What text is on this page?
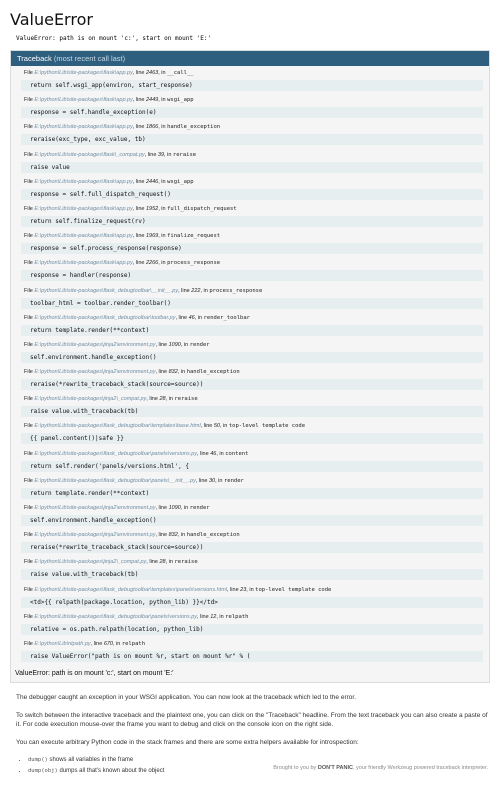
ValueError
ValueError: path is on mount 'c:', start on mount 'E:'
Traceback (most recent call last)
File E:\python\Lib\site-packages\flask\app.py, line 2463, in __call__
return self.wsgi_app(environ, start_response)
File E:\python\Lib\site-packages\flask\app.py, line 2449, in wsgi_app
response = self.handle_exception(e)
File E:\python\Lib\site-packages\flask\app.py, line 1866, in handle_exception
reraise(exc_type, exc_value, tb)
File E:\python\Lib\site-packages\flask\_compat.py, line 39, in reraise
raise value
File E:\python\Lib\site-packages\flask\app.py, line 2446, in wsgi_app
response = self.full_dispatch_request()
File E:\python\Lib\site-packages\flask\app.py, line 1952, in full_dispatch_request
return self.finalize_request(rv)
File E:\python\Lib\site-packages\flask\app.py, line 1969, in finalize_request
response = self.process_response(response)
File E:\python\Lib\site-packages\flask\app.py, line 2266, in process_response
response = handler(response)
File E:\python\Lib\site-packages\flask_debugtoolbar\__init__.py, line 222, in process_response
toolbar_html = toolbar.render_toolbar()
File E:\python\Lib\site-packages\flask_debugtoolbar\toolbar.py, line 46, in render_toolbar
return template.render(**context)
File E:\python\Lib\site-packages\jinja2\environment.py, line 1090, in render
self.environment.handle_exception()
File E:\python\Lib\site-packages\jinja2\environment.py, line 832, in handle_exception
reraise(*rewrite_traceback_stack(source=source))
File E:\python\Lib\site-packages\jinja2\_compat.py, line 28, in reraise
raise value.with_traceback(tb)
File E:\python\Lib\site-packages\flask_debugtoolbar\templates\base.html, line 50, in top-level template code
{{ panel.content()|safe }}
File E:\python\Lib\site-packages\flask_debugtoolbar\panels\versions.py, line 46, in content
return self.render('panels/versions.html', {
File E:\python\Lib\site-packages\flask_debugtoolbar\panels\__init__.py, line 30, in render
return template.render(**context)
File E:\python\Lib\site-packages\jinja2\environment.py, line 1090, in render
self.environment.handle_exception()
File E:\python\Lib\site-packages\jinja2\environment.py, line 832, in handle_exception
reraise(*rewrite_traceback_stack(source=source))
File E:\python\Lib\site-packages\jinja2\_compat.py, line 28, in reraise
raise value.with_traceback(tb)
File E:\python\Lib\site-packages\flask_debugtoolbar\templates\panels\versions.html, line 23, in top-level template code
<td>{{ relpath(package.location, python_lib) }}</td>
File E:\python\Lib\site-packages\flask_debugtoolbar\panels\versions.py, line 12, in relpath
relative = os.path.relpath(location, python_lib)
File E:\python\Lib\ntpath.py, line 670, in relpath
raise ValueError("path is on mount %r, start on mount %r" % (
ValueError: path is on mount 'c:', start on mount 'E:'

The debugger caught an exception in your WSGI application. You can now look at the traceback which led to the error.

To switch between the interactive traceback and the plaintext one, you can click on the "Traceback" headline. From the text traceback you can also create a paste of it. For code execution mouse-over the frame you want to debug and click on the console icon on the right side.

You can execute arbitrary Python code in the stack frames and there are some extra helpers available for introspection:

• dump() shows all variables in the frame
• dump(obj) dumps all that's known about the object
Brought to you by DON'T PANIC, your friendly Werkzeug powered traceback interpreter.
